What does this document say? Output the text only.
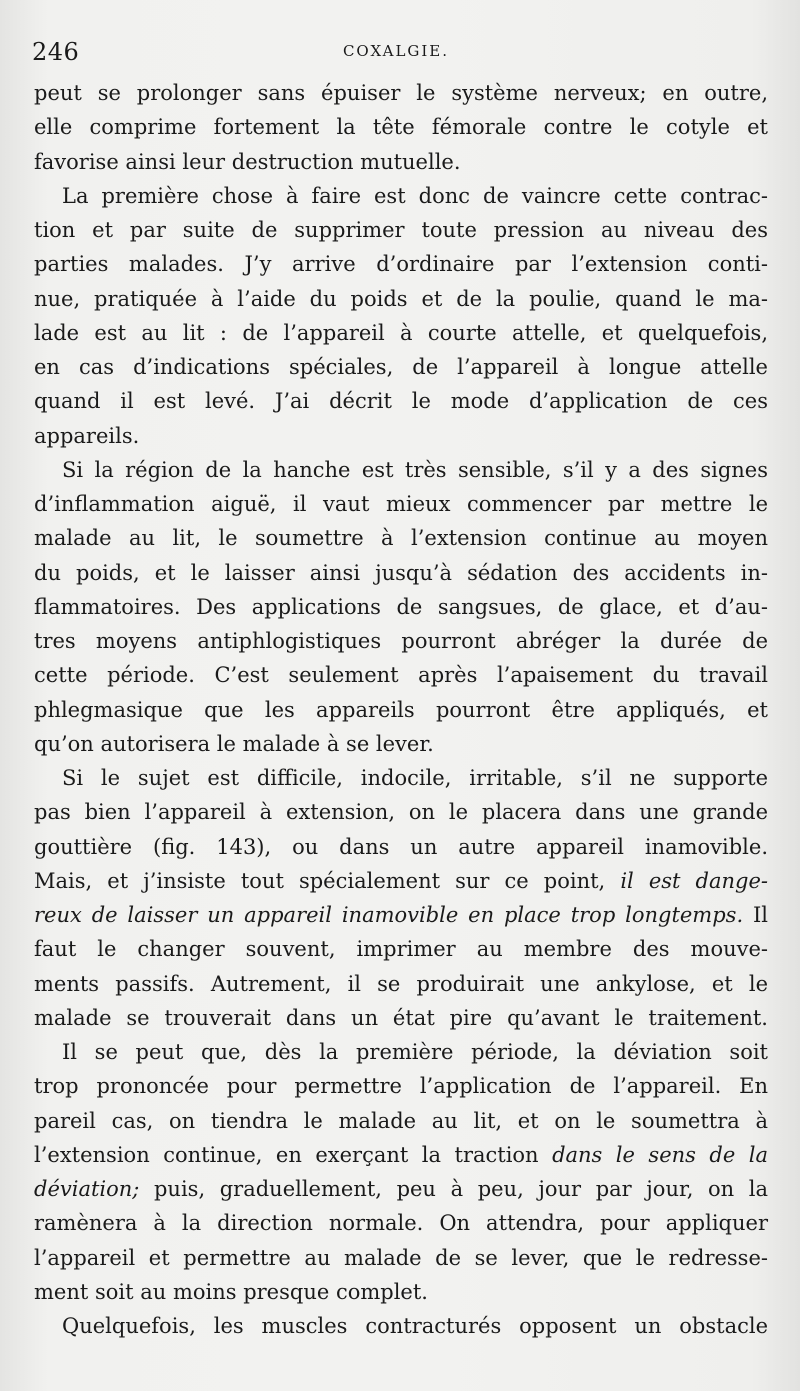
246	COXALGIE.
peut se prolonger sans épuiser le système nerveux; en outre,
elle comprime fortement la tête fémorale contre le cotyle et
favorise ainsi leur destruction mutuelle.
La première chose à faire est donc de vaincre cette contrac-
tion et par suite de supprimer toute pression au niveau des
parties malades. J’y arrive d’ordinaire par l’extension conti-
nue, pratiquée à l’aide du poids et de la poulie, quand le ma-
lade est au lit : de l’appareil à courte attelle, et quelquefois,
en cas d’indications spéciales, de l’appareil à longue attelle
quand il est levé. J’ai décrit le mode d’application de ces
appareils.
Si la région de la hanche est très sensible, s’il y a des signes
d’inflammation aiguë, il vaut mieux commencer par mettre le
malade au lit, le soumettre à l’extension continue au moyen
du poids, et le laisser ainsi jusqu’à sédation des accidents in-
flammatoires. Des applications de sangsues, de glace, et d’au-
tres moyens antiphlogistiques pourront abréger la durée de
cette période. C’est seulement après l’apaisement du travail
phlegmasique que les appareils pourront être appliqués, et
qu’on autorisera le malade à se lever.
Si le sujet est difficile, indocile, irritable, s’il ne supporte
pas bien l’appareil à extension, on le placera dans une grande
gouttière (fig. 143), ou dans un autre appareil inamovible.
Mais, et j’insiste tout spécialement sur ce point, il est dange-
reux de laisser un appareil inamovible en place trop longtemps. Il
faut le changer souvent, imprimer au membre des mouve-
ments passifs. Autrement, il se produirait une ankylose, et le
malade se trouverait dans un état pire qu’avant le traitement.
Il se peut que, dès la première période, la déviation soit
trop prononcée pour permettre l’application de l’appareil. En
pareil cas, on tiendra le malade au lit, et on le soumettra à
l’extension continue, en exerçant la traction dans le sens de la
déviation; puis, graduellement, peu à peu, jour par jour, on la
ramènera à la direction normale. On attendra, pour appliquer
l’appareil et permettre au malade de se lever, que le redresse-
ment soit au moins presque complet.
Quelquefois, les muscles contracturés opposent un obstacle
